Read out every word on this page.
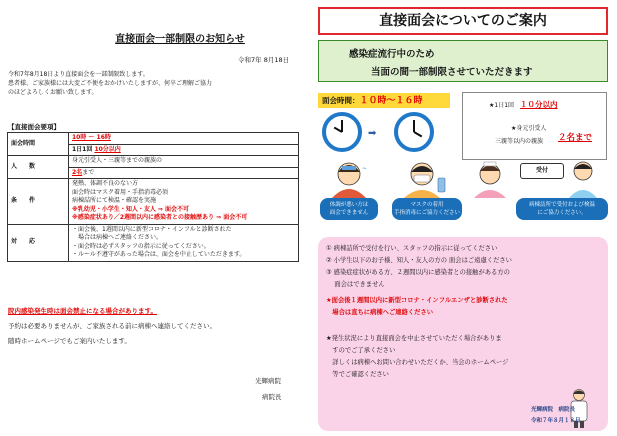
直接面会一部制限のお知らせ
令和7年 8月18日
令和7年8月18日より直接面会を一部制限致します。
患者様、ご家族様には大変ご不便をおかけいたしますが、何卒ご理解ご協力
のほどよろしくお願い致します。
【直接面会要項】
面会時間	10時 ～ 16時
	1日1回 10分以内
人　　数	身元引受人・三親等までの親族の
	2名まで
条　　件	発熱、体調不良のない方
面会時はマスク着用・手指消毒必須
病棟詰所にて検温・確認を実施
※乳幼児・小学生・知人・友人 ⇒ 面会不可
※感染症状あり／2週間以内に感染者との接触歴あり ⇒ 面会不可

対　　応	・面会後、1週間以内に新型コロナ・インフルと診断された
　場合は病棟へご連絡ください。
・面会時は必ずスタッフの指示に従ってください。
・ルール不遵守があった場合は、面会を中止していただきます。
院内感染発生時は面会禁止になる場合があります。
予約は必要ありませんが、ご家族される前に病棟へ連絡してください。
随時ホームページでもご案内いたします。
光輝病院
病院長
直接面会についてのご案内
感染症流行中のため
当面の間一部制限させていただきます
面会時間：１０時～１６時	★1日1回　１０分以内
★身元引受人
三親等以内の親族 ２名まで
➡
∼	受付
体調が悪い方は
面会できません
マスクの着用
手指消毒にご協力ください
病棟詰所で受付および検温
にご協力ください。
① 病棟詰所で受付を行い、スタッフの指示に従ってください
② 小学生以下のお子様、知人・友人の方の 面会はご遠慮ください
③ 感染症症状がある方、２週間以内に感染者との接触がある方の
　 面会はできません
★面会後１週間以内に新型コロナ・インフルエンザと診断された
　場合は直ちに病棟へご連絡ください
★発生状況により直接面会を中止させていただく場合がありま
　すのでご了承ください
　詳しくは病棟へお問い合わせいただくか、当会のホームページ
　等でご確認ください
光輝病院　病院長
令和７年８月１８日
